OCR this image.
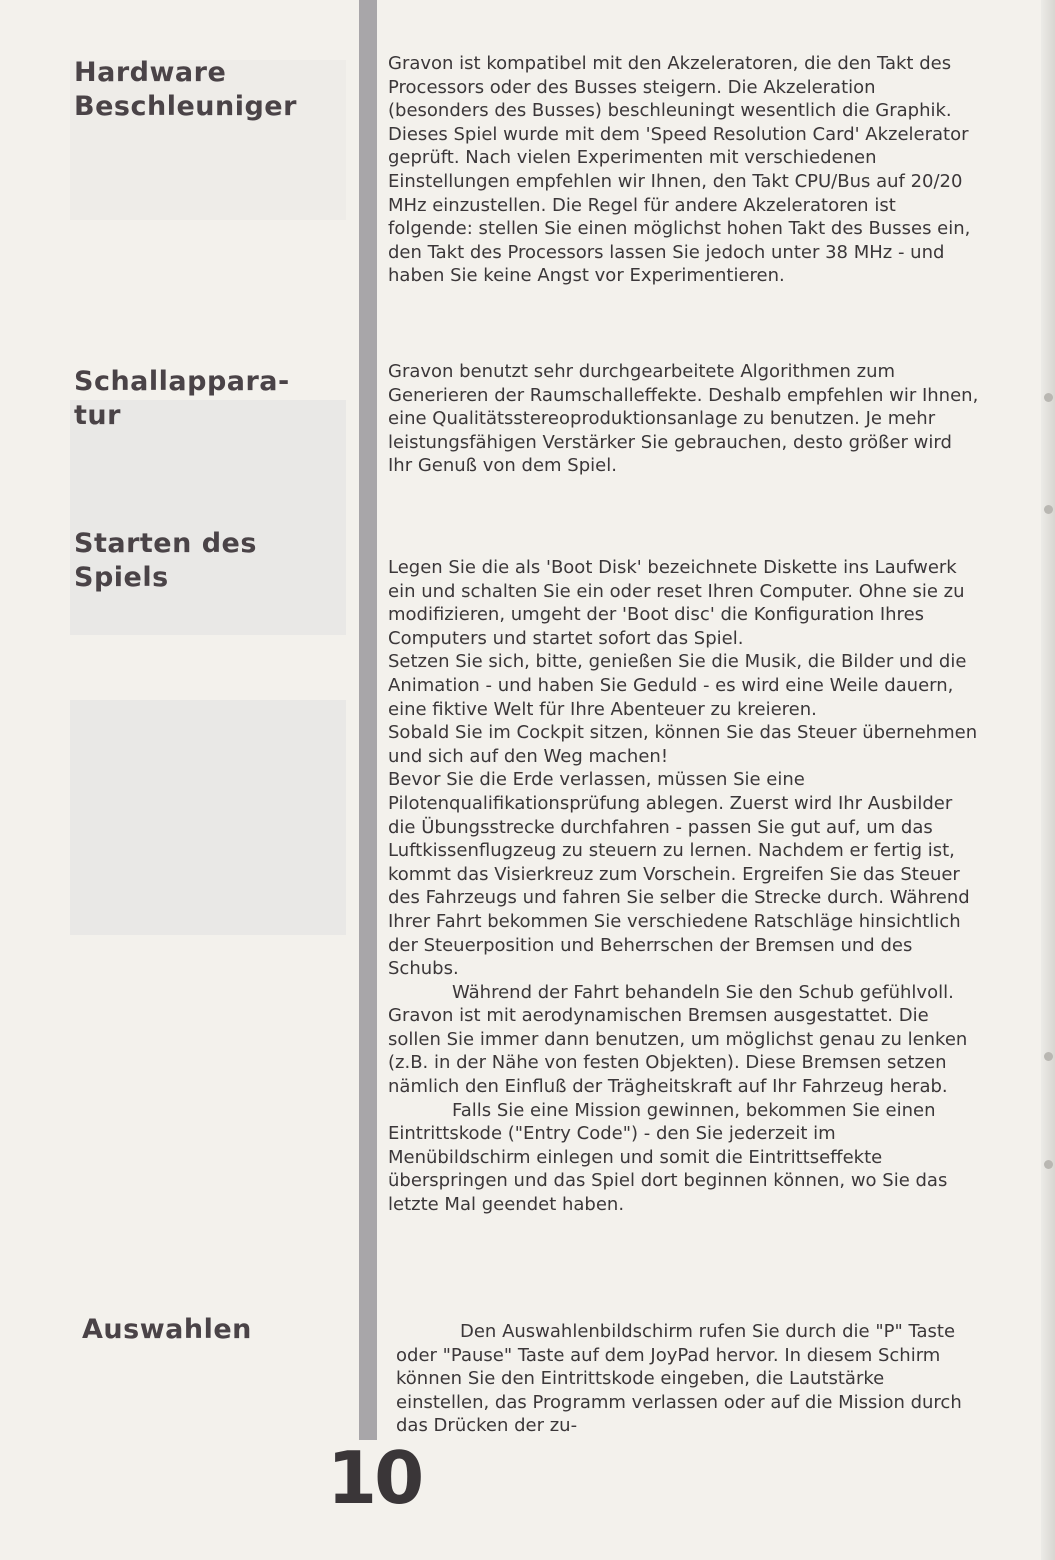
Hardware
Beschleuniger

Gravon ist kompatibel mit den Akzeleratoren, die den Takt des Processors oder des Busses steigern. Die Akzeleration (besonders des Busses) beschleuningt wesentlich die Graphik. Dieses Spiel wurde mit dem 'Speed Resolution Card' Akzelerator geprüft. Nach vielen Experimenten mit verschiedenen Einstellungen empfehlen wir Ihnen, den Takt CPU/Bus auf 20/20 MHz einzustellen. Die Regel für andere Akzeleratoren ist folgende: stellen Sie einen möglichst hohen Takt des Busses ein, den Takt des Processors lassen Sie jedoch unter 38 MHz - und haben Sie keine Angst vor Experimentieren.

Schallappara-
tur

Gravon benutzt sehr durchgearbeitete Algorithmen zum Generieren der Raumschalleffekte. Deshalb empfehlen wir Ihnen, eine Qualitätsstereoproduktionsanlage zu benutzen. Je mehr leistungsfähigen Verstärker Sie gebrauchen, desto größer wird Ihr Genuß von dem Spiel.

Starten des
Spiels	Legen Sie die als 'Boot Disk' bezeichnete Diskette ins Laufwerk ein und schalten Sie ein oder reset Ihren Computer. Ohne sie zu modifizieren, umgeht der 'Boot disc' die Konfiguration Ihres Computers und startet sofort das Spiel.

Setzen Sie sich, bitte, genießen Sie die Musik, die Bilder und die Animation - und haben Sie Geduld - es wird eine Weile dauern, eine fiktive Welt für Ihre Abenteuer zu kreieren.

Sobald Sie im Cockpit sitzen, können Sie das Steuer übernehmen und sich auf den Weg machen!

Bevor Sie die Erde verlassen, müssen Sie eine Pilotenqualifikationsprüfung ablegen. Zuerst wird Ihr Ausbilder die Übungsstrecke durchfahren - passen Sie gut auf, um das Luftkissenflugzeug zu steuern zu lernen. Nachdem er fertig ist, kommt das Visierkreuz zum Vorschein. Ergreifen Sie das Steuer des Fahrzeugs und fahren Sie selber die Strecke durch. Während Ihrer Fahrt bekommen Sie verschiedene Ratschläge hinsichtlich der Steuerposition und Beherrschen der Bremsen und des Schubs.

Während der Fahrt behandeln Sie den Schub gefühlvoll. Gravon ist mit aerodynamischen Bremsen ausgestattet. Die sollen Sie immer dann benutzen, um möglichst genau zu lenken (z.B. in der Nähe von festen Objekten). Diese Bremsen setzen nämlich den Einfluß der Trägheitskraft auf Ihr Fahrzeug herab.

Falls Sie eine Mission gewinnen, bekommen Sie einen Eintrittskode ("Entry Code") - den Sie jederzeit im Menübildschirm einlegen und somit die Eintrittseffekte überspringen und das Spiel dort beginnen können, wo Sie das letzte Mal geendet haben.

Auswahlen	Den Auswahlenbildschirm rufen Sie durch die "P" Taste oder "Pause" Taste auf dem JoyPad hervor. In diesem Schirm können Sie den Eintrittskode eingeben, die Lautstärke einstellen, das Programm verlassen oder auf die Mission durch das Drücken der zu-

10
